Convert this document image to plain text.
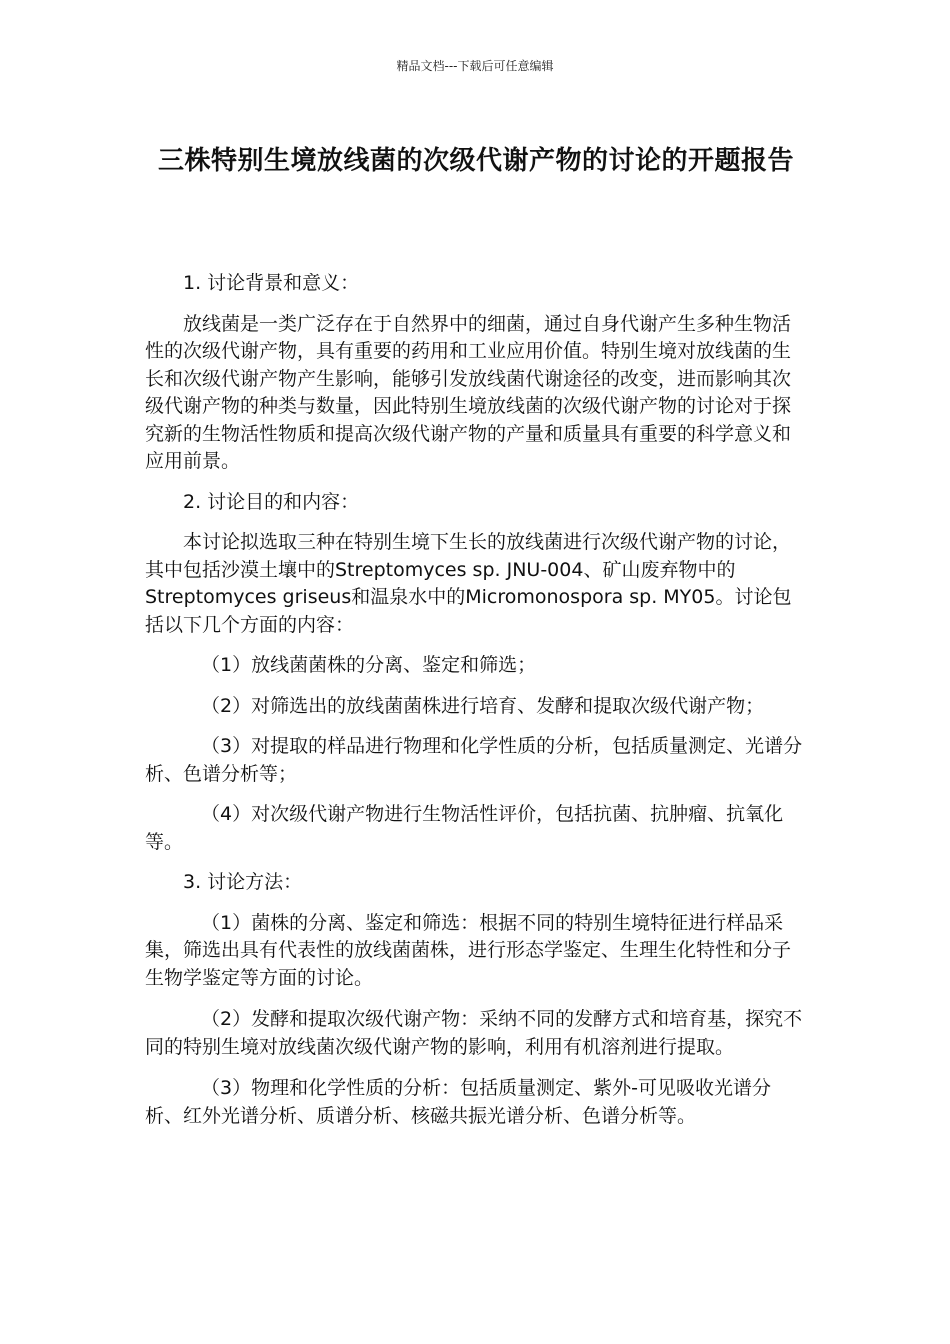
精品文档---下载后可任意编辑
三株特别生境放线菌的次级代谢产物的讨论的开题报告

1. 讨论背景和意义：

放线菌是一类广泛存在于自然界中的细菌，通过自身代谢产生多种生物活性的次级代谢产物，具有重要的药用和工业应用价值。特别生境对放线菌的生长和次级代谢产物产生影响，能够引发放线菌代谢途径的改变，进而影响其次级代谢产物的种类与数量，因此特别生境放线菌的次级代谢产物的讨论对于探究新的生物活性物质和提高次级代谢产物的产量和质量具有重要的科学意义和应用前景。

2. 讨论目的和内容：

本讨论拟选取三种在特别生境下生长的放线菌进行次级代谢产物的讨论，其中包括沙漠土壤中的Streptomyces sp. JNU-004、矿山废弃物中的Streptomyces griseus和温泉水中的Micromonospora sp. MY05。讨论包括以下几个方面的内容：

（1）放线菌菌株的分离、鉴定和筛选；

（2）对筛选出的放线菌菌株进行培育、发酵和提取次级代谢产物；

（3）对提取的样品进行物理和化学性质的分析，包括质量测定、光谱分析、色谱分析等；

（4）对次级代谢产物进行生物活性评价，包括抗菌、抗肿瘤、抗氧化等。

3. 讨论方法：

（1）菌株的分离、鉴定和筛选：根据不同的特别生境特征进行样品采集，筛选出具有代表性的放线菌菌株，进行形态学鉴定、生理生化特性和分子生物学鉴定等方面的讨论。

（2）发酵和提取次级代谢产物：采纳不同的发酵方式和培育基，探究不同的特别生境对放线菌次级代谢产物的影响，利用有机溶剂进行提取。

（3）物理和化学性质的分析：包括质量测定、紫外-可见吸收光谱分析、红外光谱分析、质谱分析、核磁共振光谱分析、色谱分析等。
